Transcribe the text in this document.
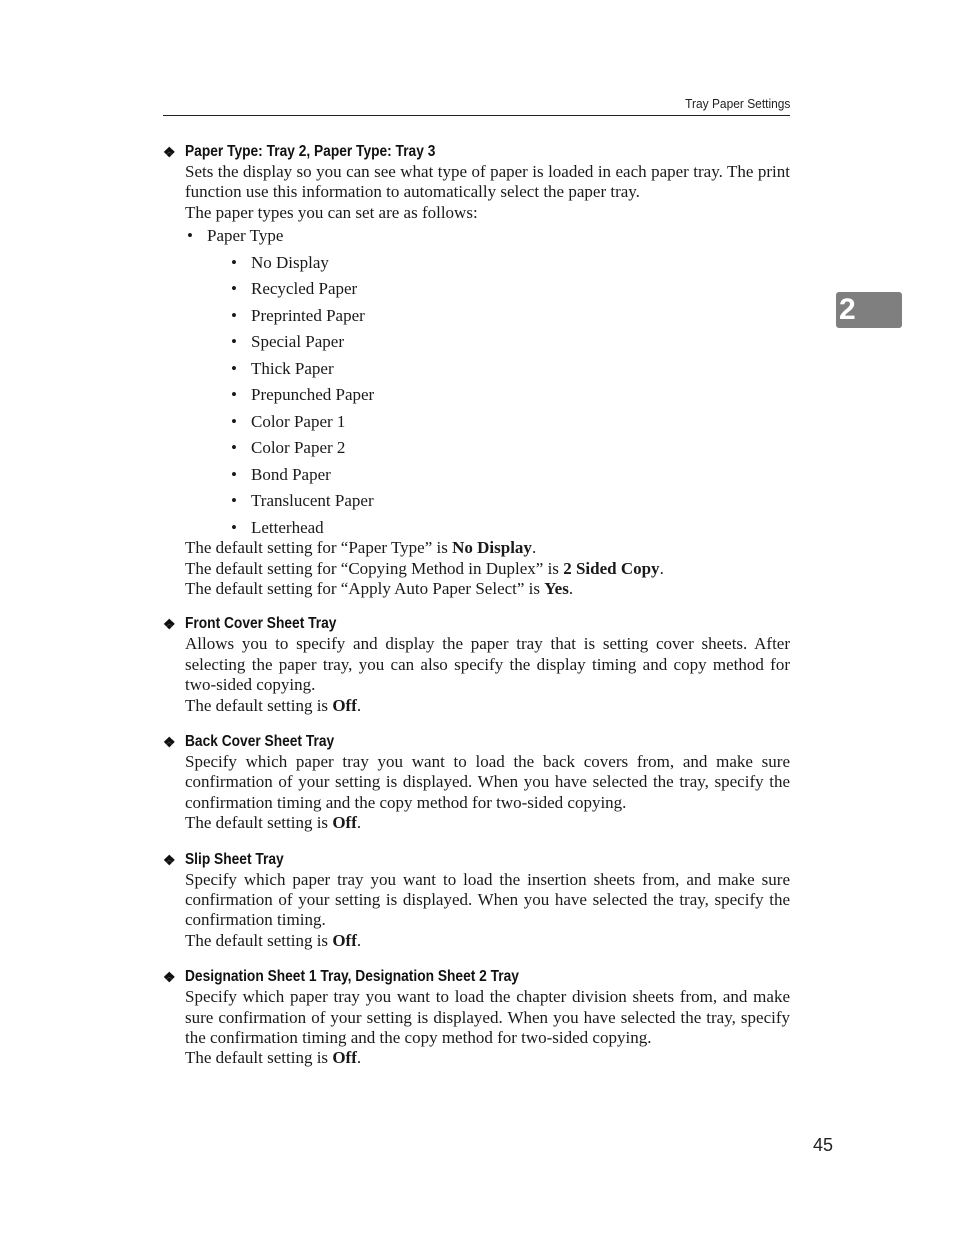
Tray Paper Settings
2
❖ Paper Type: Tray 2, Paper Type: Tray 3

Sets the display so you can see what type of paper is loaded in each paper tray. The print function use this information to automatically select the paper tray.

The paper types you can set are as follows:

• Paper Type
• No Display
• Recycled Paper
• Preprinted Paper
• Special Paper
• Thick Paper
• Prepunched Paper
• Color Paper 1
• Color Paper 2
• Bond Paper
• Translucent Paper
• Letterhead

The default setting for “Paper Type” is No Display.

The default setting for “Copying Method in Duplex” is 2 Sided Copy.

The default setting for “Apply Auto Paper Select” is Yes.

❖ Front Cover Sheet Tray

Allows you to specify and display the paper tray that is setting cover sheets. After selecting the paper tray, you can also specify the display timing and copy method for two-sided copying.

The default setting is Off.

❖ Back Cover Sheet Tray

Specify which paper tray you want to load the back covers from, and make sure confirmation of your setting is displayed. When you have selected the tray, specify the confirmation timing and the copy method for two-sided copying.

The default setting is Off.

❖ Slip Sheet Tray

Specify which paper tray you want to load the insertion sheets from, and make sure confirmation of your setting is displayed. When you have selected the tray, specify the confirmation timing.

The default setting is Off.

❖ Designation Sheet 1 Tray, Designation Sheet 2 Tray

Specify which paper tray you want to load the chapter division sheets from, and make sure confirmation of your setting is displayed. When you have selected the tray, specify the confirmation timing and the copy method for two-sided copying.

The default setting is Off.

45
